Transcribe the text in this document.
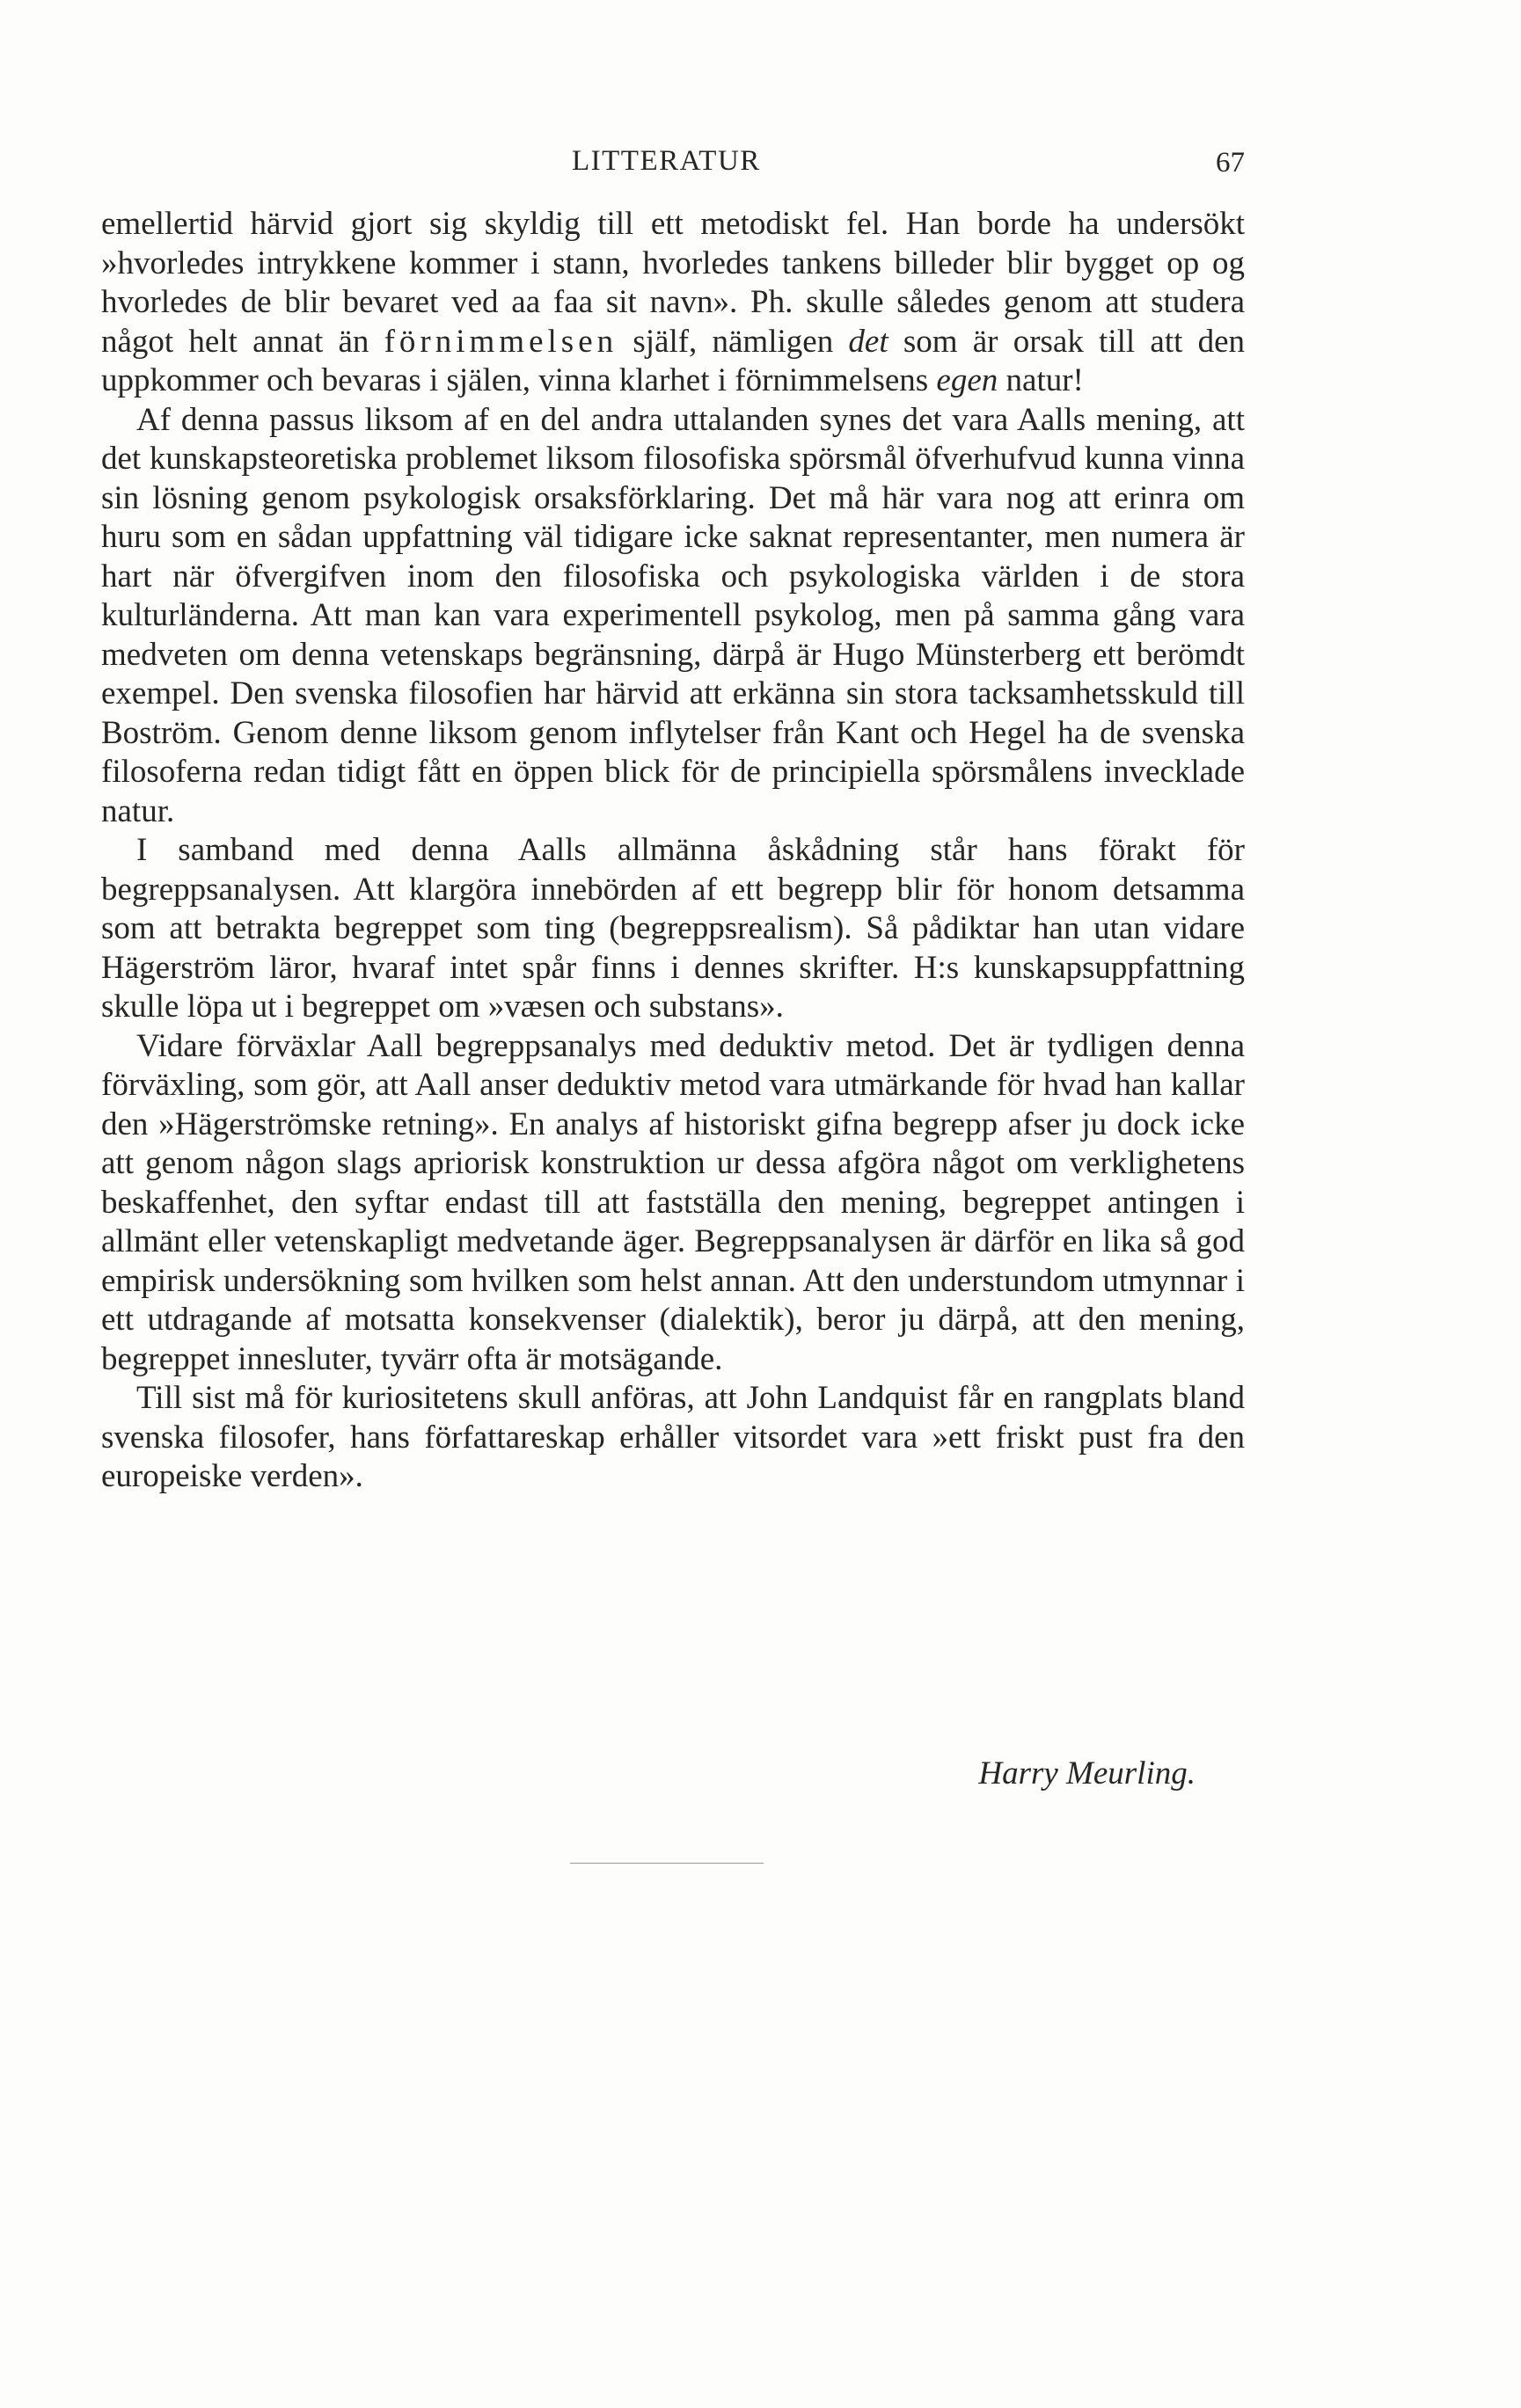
LITTERATUR	67

emellertid härvid gjort sig skyldig till ett metodiskt fel. Han borde ha undersökt »hvorledes intrykkene kommer i stann, hvorledes tankens billeder blir bygget op og hvorledes de blir bevaret ved aa faa sit navn». Ph. skulle således genom att studera något helt annat än förnimmelsen själf, nämligen det som är orsak till att den uppkommer och bevaras i själen, vinna klarhet i förnimmelsens egen natur!

Af denna passus liksom af en del andra uttalanden synes det vara Aalls mening, att det kunskapsteoretiska problemet liksom filosofiska spörsmål öfverhufvud kunna vinna sin lösning genom psykologisk orsaksförklaring. Det må här vara nog att erinra om huru som en sådan uppfattning väl tidigare icke saknat representanter, men numera är hart när öfvergifven inom den filosofiska och psykologiska världen i de stora kulturländerna. Att man kan vara experimentell psykolog, men på samma gång vara medveten om denna vetenskaps begränsning, därpå är Hugo Münsterberg ett berömdt exempel. Den svenska filosofien har härvid att erkänna sin stora tacksamhetsskuld till Boström. Genom denne liksom genom inflytelser från Kant och Hegel ha de svenska filosoferna redan tidigt fått en öppen blick för de principiella spörsmålens invecklade natur.

I samband med denna Aalls allmänna åskådning står hans förakt för begreppsanalysen. Att klargöra innebörden af ett begrepp blir för honom detsamma som att betrakta begreppet som ting (begreppsrealism). Så pådiktar han utan vidare Hägerström läror, hvaraf intet spår finns i dennes skrifter. H:s kunskapsuppfattning skulle löpa ut i begreppet om »væsen och substans».

Vidare förväxlar Aall begreppsanalys med deduktiv metod. Det är tydligen denna förväxling, som gör, att Aall anser deduktiv metod vara utmärkande för hvad han kallar den »Hägerströmske retning». En analys af historiskt gifna begrepp afser ju dock icke att genom någon slags apriorisk konstruktion ur dessa afgöra något om verklighetens beskaffenhet, den syftar endast till att fastställa den mening, begreppet antingen i allmänt eller vetenskapligt medvetande äger. Begreppsanalysen är därför en lika så god empirisk undersökning som hvilken som helst annan. Att den understundom utmynnar i ett utdragande af motsatta konsekvenser (dialektik), beror ju därpå, att den mening, begreppet innesluter, tyvärr ofta är motsägande.

Till sist må för kuriositetens skull anföras, att John Landquist får en rangplats bland svenska filosofer, hans författareskap erhåller vitsordet vara »ett friskt pust fra den europeiske verden».

Harry Meurling.
